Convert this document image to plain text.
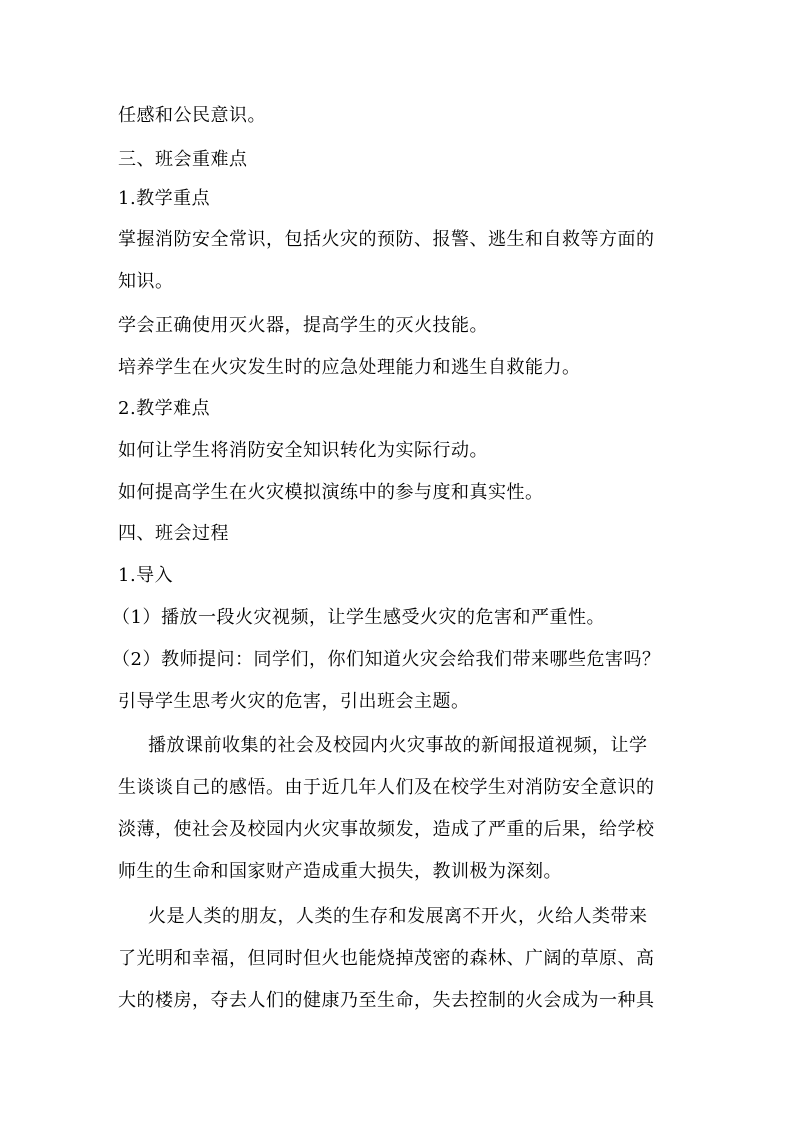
任感和公民意识。
三、班会重难点
1.教学重点
掌握消防安全常识，包括火灾的预防、报警、逃生和自救等方面的
知识。
学会正确使用灭火器，提高学生的灭火技能。
培养学生在火灾发生时的应急处理能力和逃生自救能力。
2.教学难点
如何让学生将消防安全知识转化为实际行动。
如何提高学生在火灾模拟演练中的参与度和真实性。
四、班会过程
1.导入
（1）播放一段火灾视频，让学生感受火灾的危害和严重性。
（2）教师提问：同学们，你们知道火灾会给我们带来哪些危害吗？
引导学生思考火灾的危害，引出班会主题。
播放课前收集的社会及校园内火灾事故的新闻报道视频，让学
生谈谈自己的感悟。由于近几年人们及在校学生对消防安全意识的
淡薄，使社会及校园内火灾事故频发，造成了严重的后果，给学校
师生的生命和国家财产造成重大损失，教训极为深刻。
火是人类的朋友，人类的生存和发展离不开火，火给人类带来
了光明和幸福，但同时但火也能烧掉茂密的森林、广阔的草原、高
大的楼房，夺去人们的健康乃至生命，失去控制的火会成为一种具
